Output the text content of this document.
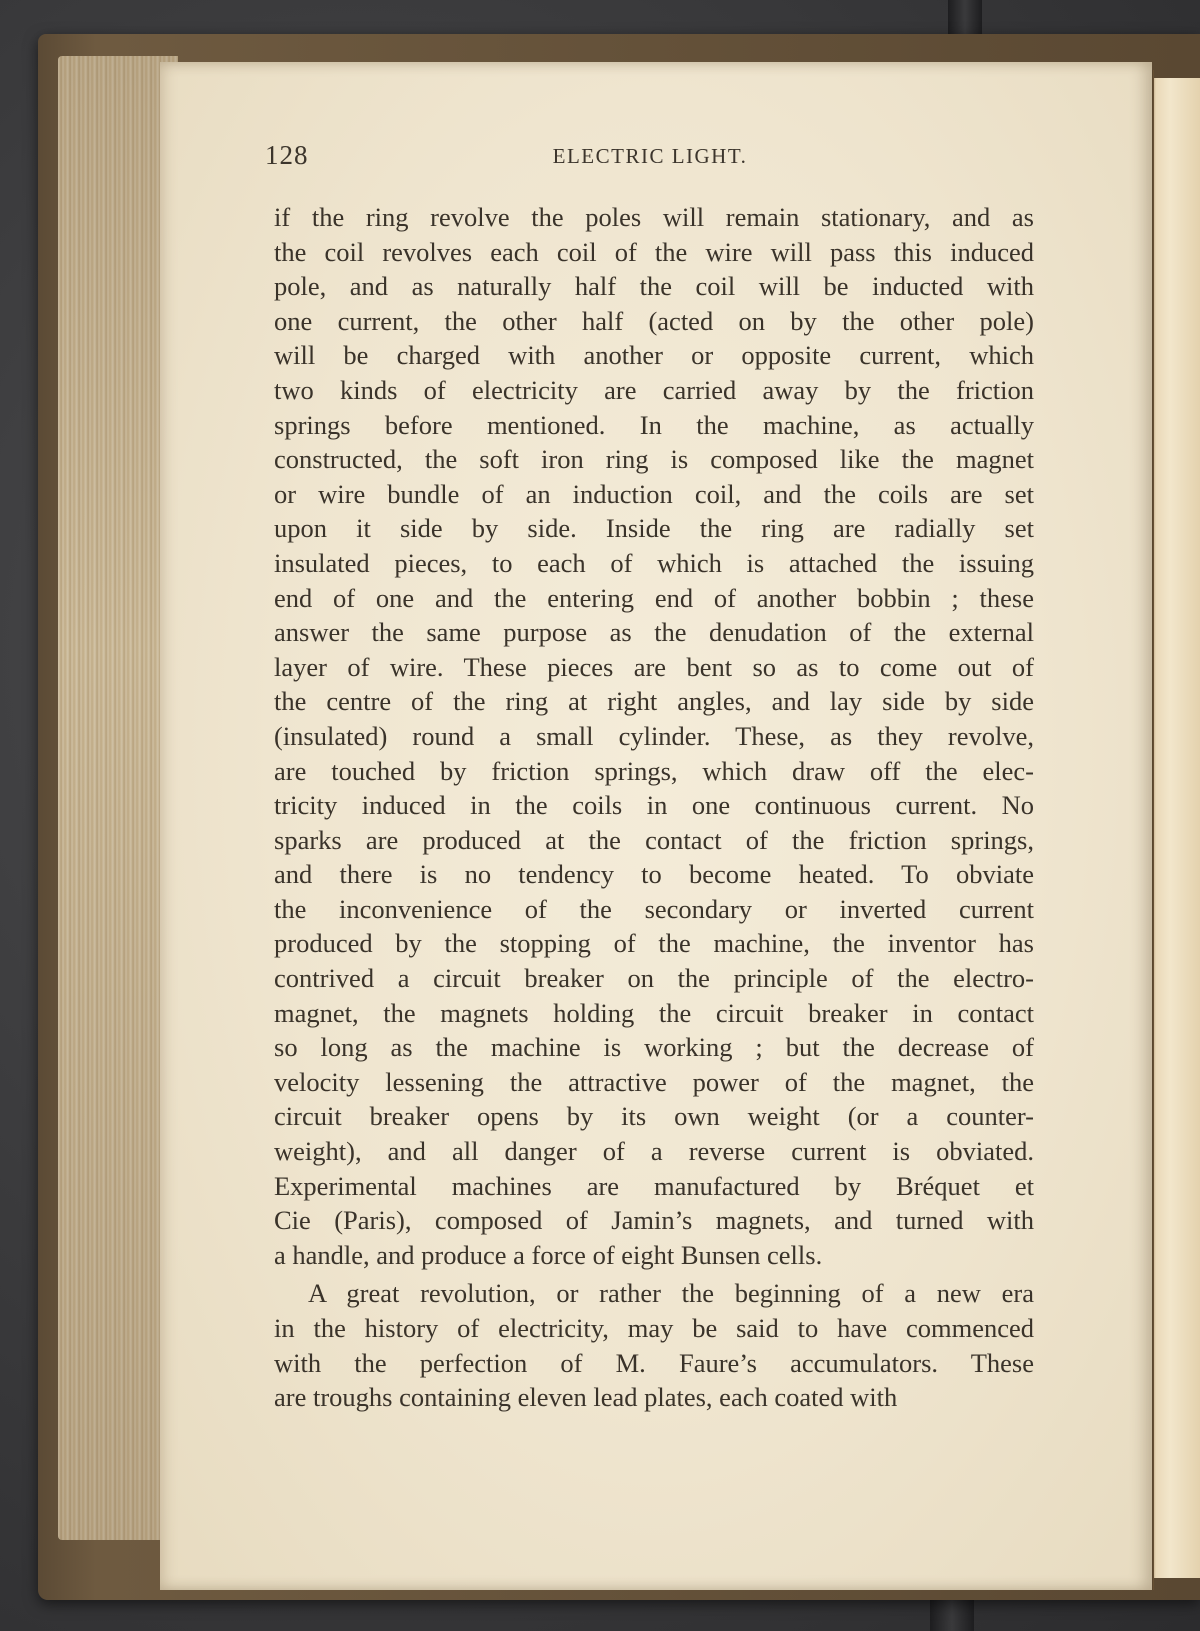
128	ELECTRIC LIGHT.
if the ring revolve the poles will remain stationary, and as
the coil revolves each coil of the wire will pass this induced
pole, and as naturally half the coil will be inducted with
one current, the other half (acted on by the other pole)
will be charged with another or opposite current, which
two kinds of electricity are carried away by the friction
springs before mentioned. In the machine, as actually
constructed, the soft iron ring is composed like the magnet
or wire bundle of an induction coil, and the coils are set
upon it side by side. Inside the ring are radially set
insulated pieces, to each of which is attached the issuing
end of one and the entering end of another bobbin ; these
answer the same purpose as the denudation of the external
layer of wire. These pieces are bent so as to come out of
the centre of the ring at right angles, and lay side by side
(insulated) round a small cylinder. These, as they revolve,
are touched by friction springs, which draw off the elec-
tricity induced in the coils in one continuous current. No
sparks are produced at the contact of the friction springs,
and there is no tendency to become heated. To obviate
the inconvenience of the secondary or inverted current
produced by the stopping of the machine, the inventor has
contrived a circuit breaker on the principle of the electro-
magnet, the magnets holding the circuit breaker in contact
so long as the machine is working ; but the decrease of
velocity lessening the attractive power of the magnet, the
circuit breaker opens by its own weight (or a counter-
weight), and all danger of a reverse current is obviated.
Experimental machines are manufactured by Bréquet et
Cie (Paris), composed of Jamin’s magnets, and turned with
a handle, and produce a force of eight Bunsen cells.
A great revolution, or rather the beginning of a new era
in the history of electricity, may be said to have commenced
with the perfection of M. Faure’s accumulators. These
are troughs containing eleven lead plates, each coated with
